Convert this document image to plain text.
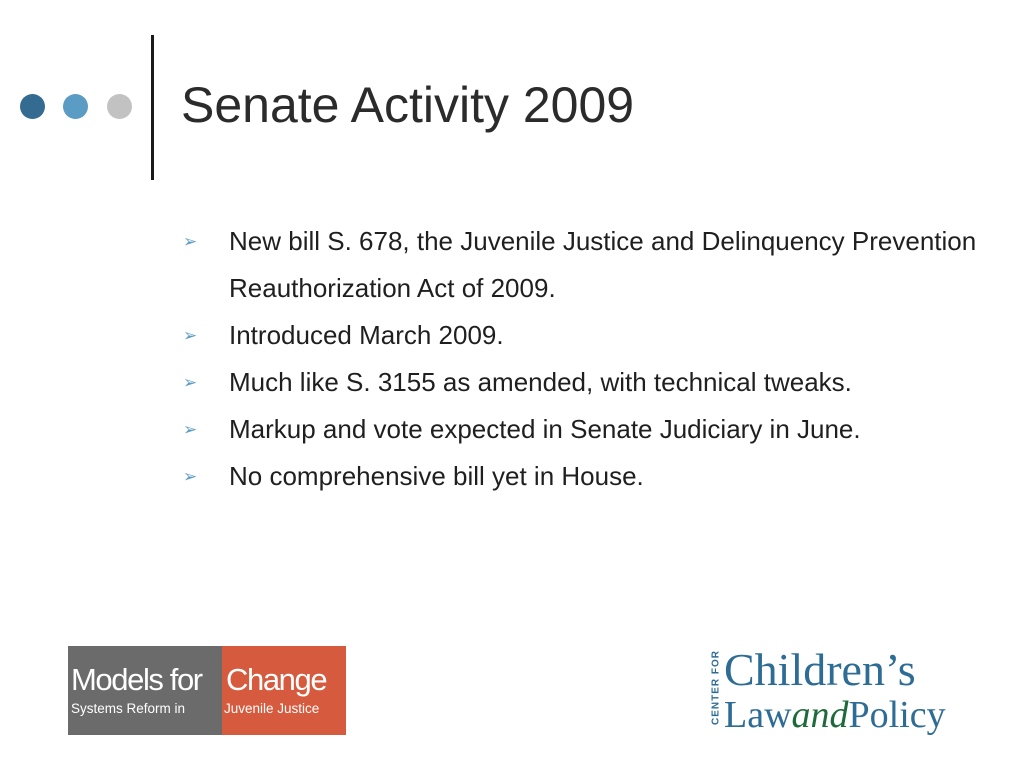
Senate Activity 2009
➢ New bill S. 678, the Juvenile Justice and Delinquency Prevention Reauthorization Act of 2009.
➢ Introduced March 2009.
➢ Much like S. 3155 as amended, with technical tweaks.
➢ Markup and vote expected in Senate Judiciary in June.
➢ No comprehensive bill yet in House.
Models for
Systems Reform in
Change
Juvenile Justice	CENTER FOR Children’s
LawandPolicy
